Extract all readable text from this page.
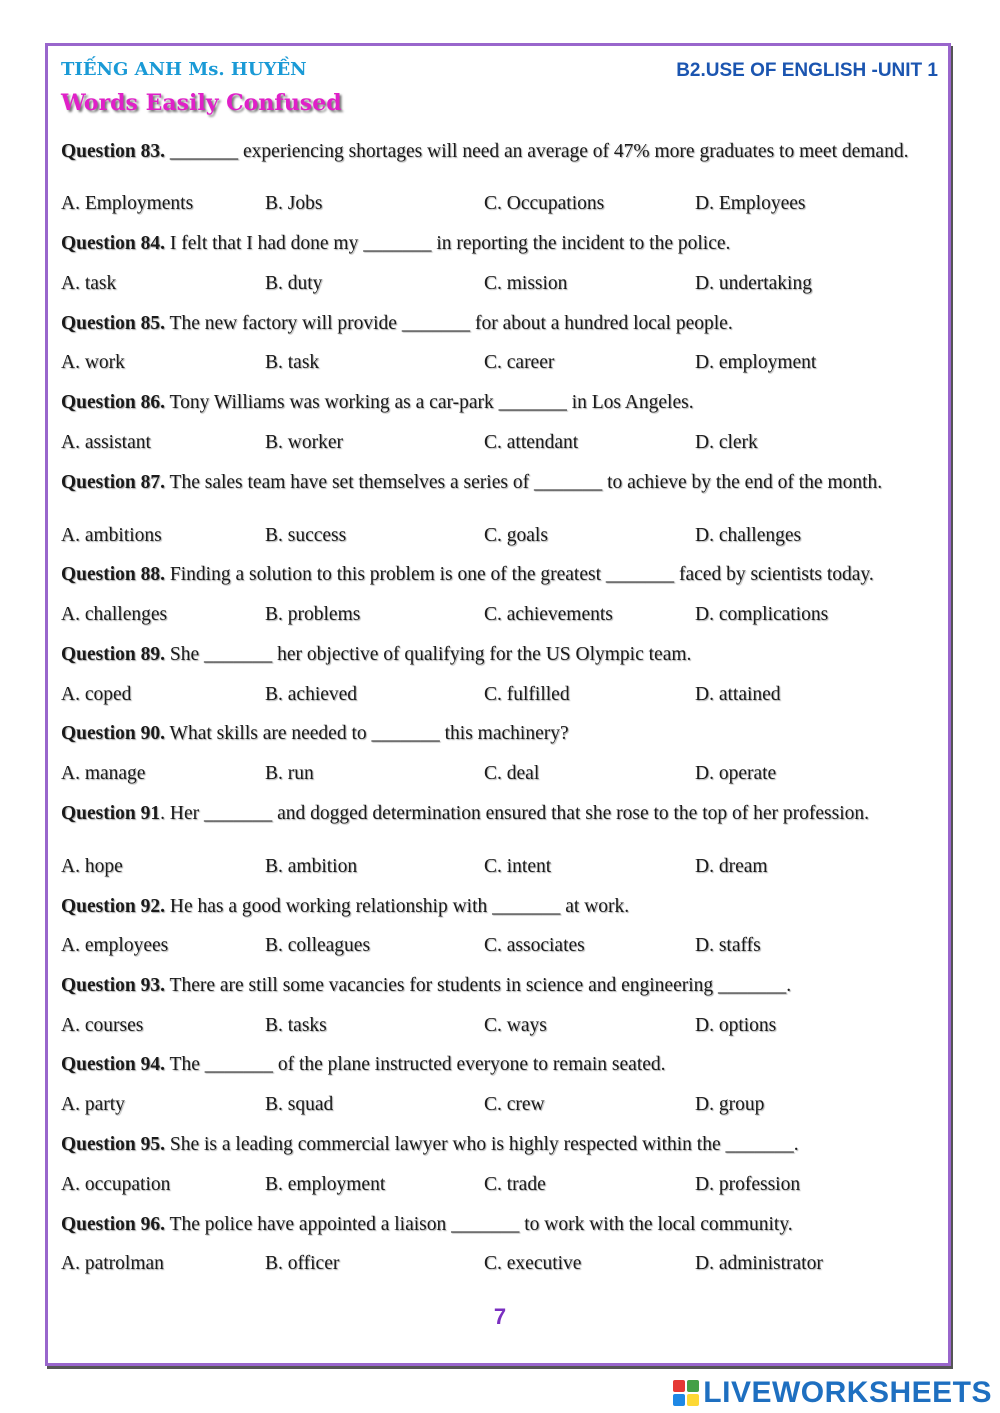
TIẾNG ANH Ms. HUYỀN	B2.USE OF ENGLISH -UNIT 1
Words Easily Confused
Question 83. _______ experiencing shortages will need an average of 47% more graduates to meet demand.
A. Employments	B. Jobs	C. Occupations	D. Employees
Question 84. I felt that I had done my _______ in reporting the incident to the police.
A. task	B. duty	C. mission	D. undertaking
Question 85. The new factory will provide _______ for about a hundred local people.
A. work	B. task	C. career	D. employment
Question 86. Tony Williams was working as a car-park _______ in Los Angeles.
A. assistant	B. worker	C. attendant	D. clerk
Question 87. The sales team have set themselves a series of _______ to achieve by the end of the month.
A. ambitions	B. success	C. goals	D. challenges
Question 88. Finding a solution to this problem is one of the greatest _______ faced by scientists today.
A. challenges	B. problems	C. achievements	D. complications
Question 89. She _______ her objective of qualifying for the US Olympic team.
A. coped	B. achieved	C. fulfilled	D. attained
Question 90. What skills are needed to _______ this machinery?
A. manage	B. run	C. deal	D. operate
Question 91. Her _______ and dogged determination ensured that she rose to the top of her profession.
A. hope	B. ambition	C. intent	D. dream
Question 92. He has a good working relationship with _______ at work.
A. employees	B. colleagues	C. associates	D. staffs
Question 93. There are still some vacancies for students in science and engineering _______.
A. courses	B. tasks	C. ways	D. options
Question 94. The _______ of the plane instructed everyone to remain seated.
A. party	B. squad	C. crew	D. group
Question 95. She is a leading commercial lawyer who is highly respected within the _______.
A. occupation	B. employment	C. trade	D. profession
Question 96. The police have appointed a liaison _______ to work with the local community.
A. patrolman	B. officer	C. executive	D. administrator
7
LIVEWORKSHEETS
